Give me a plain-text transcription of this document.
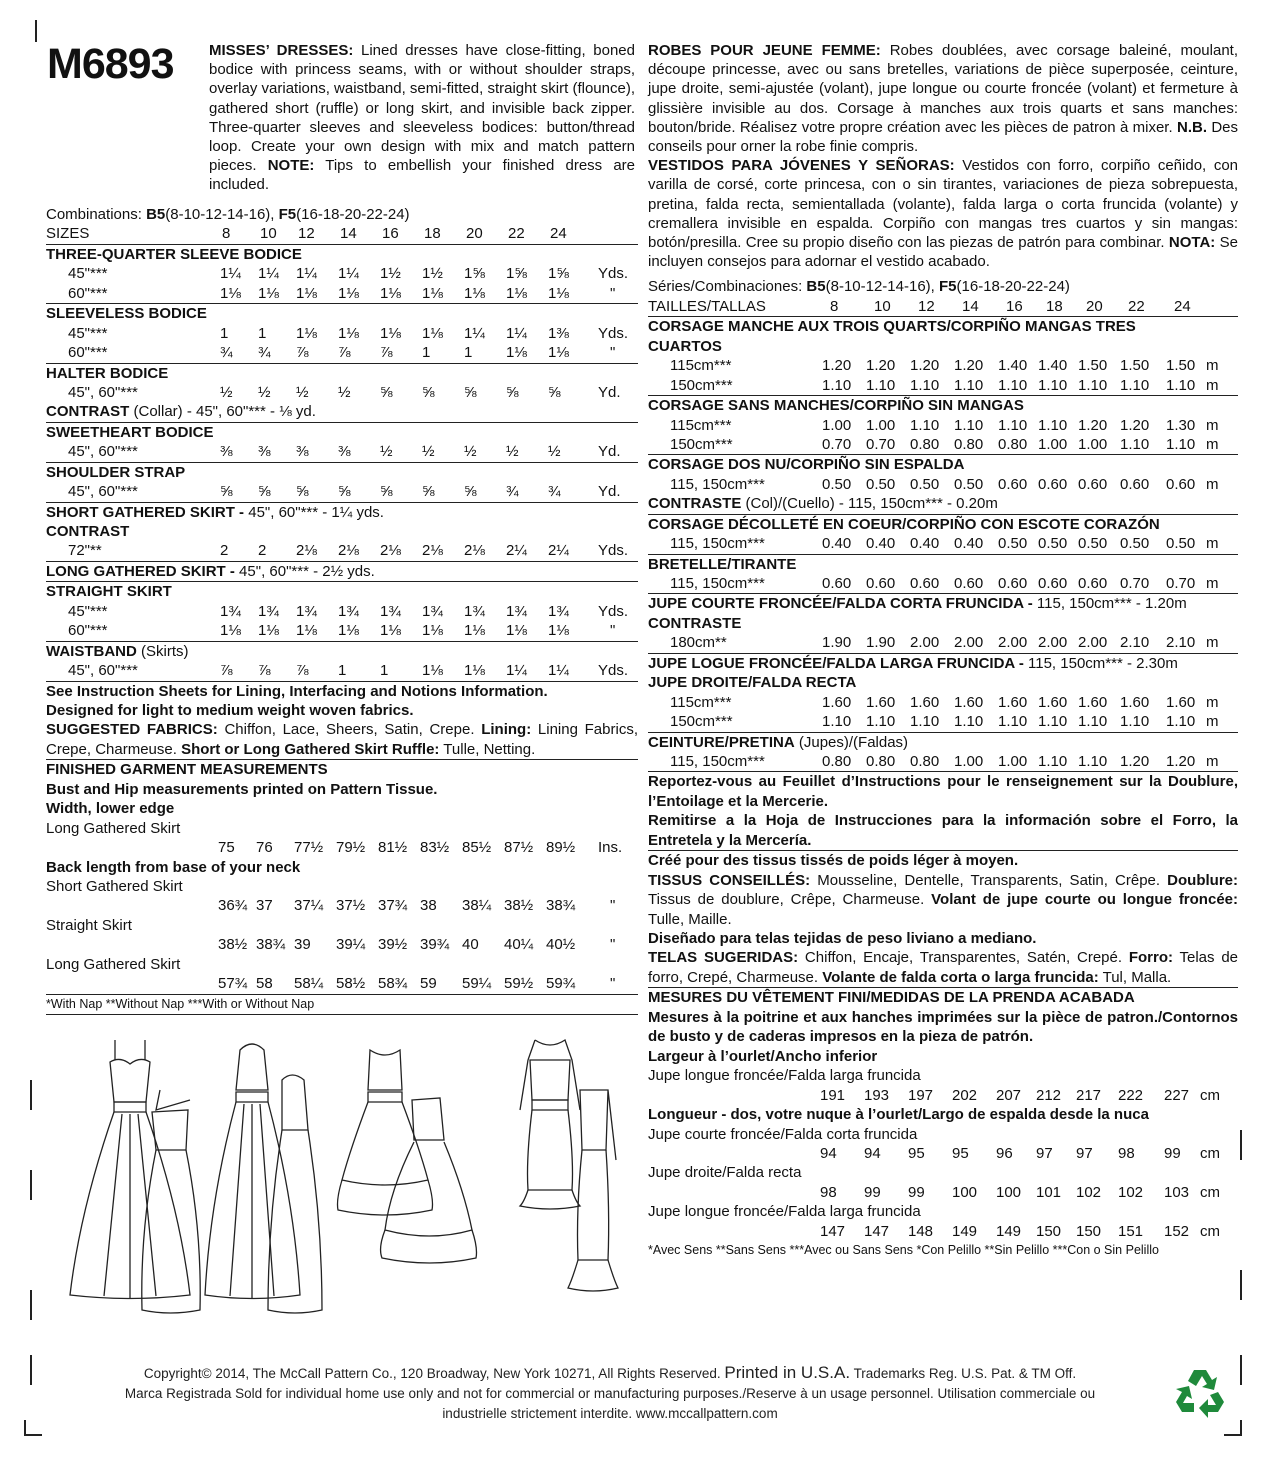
M6893 MISSES’ DRESSES: Lined dresses have close-fitting, boned bodice with princess seams, with or without shoulder straps, overlay variations, waistband, semi-fitted, straight skirt (flounce), gathered short (ruffle) or long skirt, and invisible back zipper. Three-quarter sleeves and sleeveless bodices: button/thread loop. Create your own design with mix and match pattern pieces. NOTE: Tips to embellish your finished dress are included.
Combinations: B5(8-10-12-14-16), F5(16-18-20-22-24)
SIZES	8 10 12 14 16 18 20 22 24
THREE-QUARTER SLEEVE BODICE
45"***	1¼ 1¼ 1¼ 1¼ 1½ 1½ 1⅝ 1⅝ 1⅝ Yds.
60"***	1⅛ 1⅛ 1⅛ 1⅛ 1⅛ 1⅛ 1⅛ 1⅛ 1⅛	"
SLEEVELESS BODICE
45"***	1 1 1⅛ 1⅛ 1⅛ 1⅛ 1¼ 1¼ 1⅜ Yds.
60"***	¾ ¾ ⅞ ⅞ ⅞ 1 1 1⅛ 1⅛	"
HALTER BODICE
45", 60"***	½ ½ ½ ½ ⅝ ⅝ ⅝ ⅝ ⅝ Yd.
CONTRAST (Collar) - 45", 60"*** - ⅛ yd.
SWEETHEART BODICE
45", 60"***	⅜ ⅜ ⅜ ⅜ ½ ½ ½ ½ ½ Yd.
SHOULDER STRAP
45", 60"***	⅝ ⅝ ⅝ ⅝ ⅝ ⅝ ⅝ ¾ ¾ Yd.
SHORT GATHERED SKIRT - 45", 60"*** - 1¼ yds.
CONTRAST
72"**	2 2 2⅛ 2⅛ 2⅛ 2⅛ 2⅛ 2¼ 2¼ Yds.
LONG GATHERED SKIRT - 45", 60"*** - 2½ yds.
STRAIGHT SKIRT
45"***	1¾ 1¾ 1¾ 1¾ 1¾ 1¾ 1¾ 1¾ 1¾ Yds.
60"***	1⅛ 1⅛ 1⅛ 1⅛ 1⅛ 1⅛ 1⅛ 1⅛ 1⅛	"
WAISTBAND (Skirts)
45", 60"***	⅞ ⅞ ⅞ 1 1 1⅛ 1⅛ 1¼ 1¼ Yds.
See Instruction Sheets for Lining, Interfacing and Notions Information.
Designed for light to medium weight woven fabrics.
SUGGESTED FABRICS: Chiffon, Lace, Sheers, Satin, Crepe. Lining: Lining Fabrics, Crepe, Charmeuse. Short or Long Gathered Skirt Ruffle: Tulle, Netting.
FINISHED GARMENT MEASUREMENTS
Bust and Hip measurements printed on Pattern Tissue.
Width, lower edge
Long Gathered Skirt
75 76 77½ 79½ 81½ 83½ 85½ 87½ 89½ Ins.
Back length from base of your neck
Short Gathered Skirt
36¾ 37 37¼ 37½ 37¾ 38 38¼ 38½ 38¾ "
Straight Skirt
38½ 38¾ 39 39¼ 39½ 39¾ 40 40¼ 40½ "
Long Gathered Skirt
57¾ 58 58¼ 58½ 58¾ 59 59¼ 59½ 59¾ "
*With Nap **Without Nap ***With or Without Nap
ROBES POUR JEUNE FEMME: Robes doublées, avec corsage baleiné, moulant, découpe princesse, avec ou sans bretelles, variations de pièce superposée, ceinture, jupe droite, semi-ajustée (volant), jupe longue ou courte froncée (volant) et fermeture à glissière invisible au dos. Corsage à manches aux trois quarts et sans manches: bouton/bride. Réalisez votre propre création avec les pièces de patron à mixer. N.B. Des conseils pour orner la robe finie compris.
VESTIDOS PARA JÓVENES Y SEÑORAS: Vestidos con forro, corpiño ceñido, con varilla de corsé, corte princesa, con o sin tirantes, variaciones de pieza sobrepuesta, pretina, falda recta, semientallada (volante), falda larga o corta fruncida (volante) y cremallera invisible en espalda. Corpiño con mangas tres cuartos y sin mangas: botón/presilla. Cree su propio diseño con las piezas de patrón para combinar. NOTA: Se incluyen consejos para adornar el vestido acabado.
Séries/Combinaciones: B5(8-10-12-14-16), F5(16-18-20-22-24)
TAILLES/TALLAS	8 10 12 14 16 18 20 22 24
CORSAGE MANCHE AUX TROIS QUARTS/CORPIÑO MANGAS TRES
CUARTOS
115cm***	1.20 1.20 1.20 1.20 1.40 1.40 1.50 1.50 1.50 m
150cm***	1.10 1.10 1.10 1.10 1.10 1.10 1.10 1.10 1.10 m
CORSAGE SANS MANCHES/CORPIÑO SIN MANGAS
115cm***	1.00 1.00 1.10 1.10 1.10 1.10 1.20 1.20 1.30 m
150cm***	0.70 0.70 0.80 0.80 0.80 1.00 1.00 1.10 1.10 m
CORSAGE DOS NU/CORPIÑO SIN ESPALDA
115, 150cm***	0.50 0.50 0.50 0.50 0.60 0.60 0.60 0.60 0.60 m
CONTRASTE (Col)/(Cuello) - 115, 150cm*** - 0.20m
CORSAGE DÉCOLLETÉ EN COEUR/CORPIÑO CON ESCOTE CORAZÓN
115, 150cm***	0.40 0.40 0.40 0.40 0.50 0.50 0.50 0.50 0.50 m
BRETELLE/TIRANTE
115, 150cm***	0.60 0.60 0.60 0.60 0.60 0.60 0.60 0.70 0.70 m
JUPE COURTE FRONCÉE/FALDA CORTA FRUNCIDA - 115, 150cm*** - 1.20m
CONTRASTE
180cm**	1.90 1.90 2.00 2.00 2.00 2.00 2.00 2.10 2.10 m
JUPE LOGUE FRONCÉE/FALDA LARGA FRUNCIDA - 115, 150cm*** - 2.30m
JUPE DROITE/FALDA RECTA
115cm***	1.60 1.60 1.60 1.60 1.60 1.60 1.60 1.60 1.60 m
150cm***	1.10 1.10 1.10 1.10 1.10 1.10 1.10 1.10 1.10 m
CEINTURE/PRETINA (Jupes)/(Faldas)
115, 150cm***	0.80 0.80 0.80 1.00 1.00 1.10 1.10 1.20 1.20 m
Reportez-vous au Feuillet d’Instructions pour le renseignement sur la Doublure, l’Entoilage et la Mercerie.
Remitirse a la Hoja de Instrucciones para la información sobre el Forro, la Entretela y la Mercería.
Créé pour des tissus tissés de poids léger à moyen.
TISSUS CONSEILLÉS: Mousseline, Dentelle, Transparents, Satin, Crêpe. Doublure: Tissus de doublure, Crêpe, Charmeuse. Volant de jupe courte ou longue froncée: Tulle, Maille.
Diseñado para telas tejidas de peso liviano a mediano.
TELAS SUGERIDAS: Chiffon, Encaje, Transparentes, Satén, Crepé. Forro: Telas de forro, Crepé, Charmeuse. Volante de falda corta o larga fruncida: Tul, Malla.
MESURES DU VÊTEMENT FINI/MEDIDAS DE LA PRENDA ACABADA
Mesures à la poitrine et aux hanches imprimées sur la pièce de patron./Contornos de busto y de caderas impresos en la pieza de patrón.
Largeur à l’ourlet/Ancho inferior
Jupe longue froncée/Falda larga fruncida
191 193 197 202 207 212 217 222 227 cm
Longueur - dos, votre nuque à l’ourlet/Largo de espalda desde la nuca
Jupe courte froncée/Falda corta fruncida
94 94 95 95 96 97 97 98 99 cm
Jupe droite/Falda recta
98 99 99 100 100 101 102 102 103 cm
Jupe longue froncée/Falda larga fruncida
147 147 148 149 149 150 150 151 152 cm
*Avec Sens **Sans Sens ***Avec ou Sans Sens *Con Pelillo **Sin Pelillo ***Con o Sin Pelillo
Copyright© 2014, The McCall Pattern Co., 120 Broadway, New York 10271, All Rights Reserved. Printed in U.S.A. Trademarks Reg. U.S. Pat. & TM Off.
Marca Registrada Sold for individual home use only and not for commercial or manufacturing purposes./Reserve à un usage personnel. Utilisation commerciale ou
industrielle strictement interdite. www.mccallpattern.com
